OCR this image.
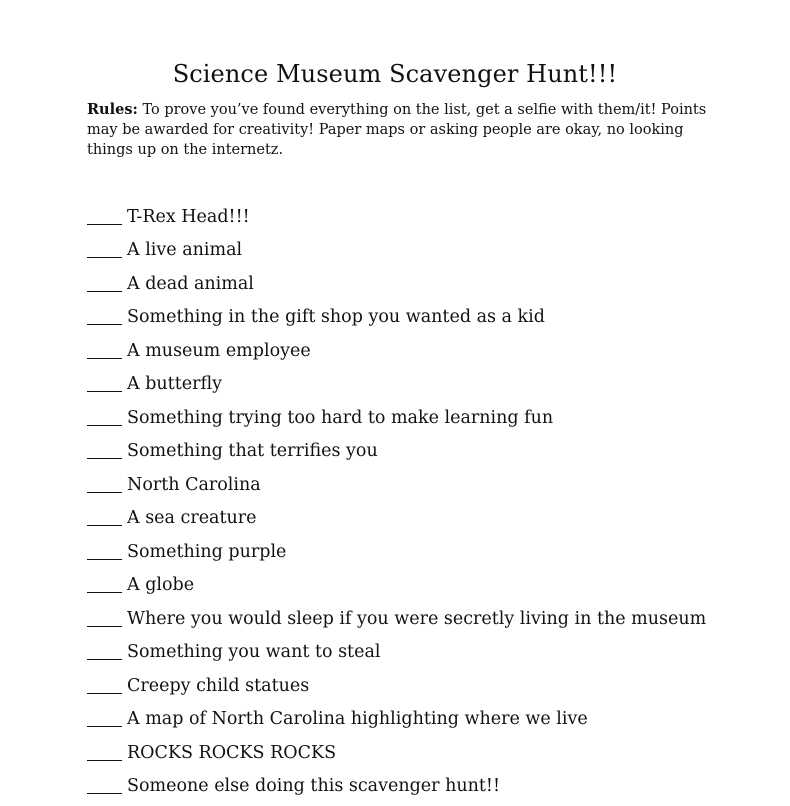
Science Museum Scavenger Hunt!!!
Rules: To prove you’ve found everything on the list, get a selfie with them/it! Points may be awarded for creativity! Paper maps or asking people are okay, no looking things up on the internetz.
T-Rex Head!!!
A live animal
A dead animal
Something in the gift shop you wanted as a kid
A museum employee
A butterfly
Something trying too hard to make learning fun
Something that terrifies you
North Carolina
A sea creature
Something purple
A globe
Where you would sleep if you were secretly living in the museum
Something you want to steal
Creepy child statues
A map of North Carolina highlighting where we live
ROCKS ROCKS ROCKS
Someone else doing this scavenger hunt!!
